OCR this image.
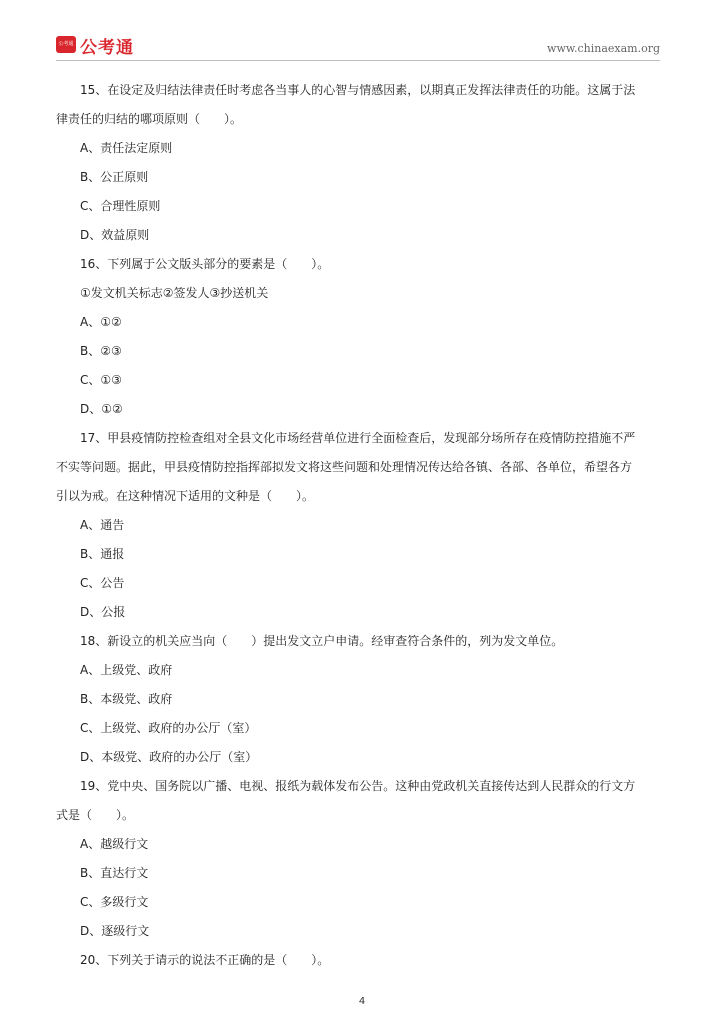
公考通 公考通	www.chinaexam.org
15、在设定及归结法律责任时考虑各当事人的心智与情感因素，以期真正发挥法律责任的功能。这属于法
律责任的归结的哪项原则（　　）。
A、责任法定原则
B、公正原则
C、合理性原则
D、效益原则
16、下列属于公文版头部分的要素是（　　）。
①发文机关标志②签发人③抄送机关
A、①②
B、②③
C、①③
D、①②
17、甲县疫情防控检查组对全县文化市场经营单位进行全面检查后，发现部分场所存在疫情防控措施不严
不实等问题。据此，甲县疫情防控指挥部拟发文将这些问题和处理情况传达给各镇、各部、各单位，希望各方
引以为戒。在这种情况下适用的文种是（　　）。
A、通告
B、通报
C、公告
D、公报
18、新设立的机关应当向（　　）提出发文立户申请。经审查符合条件的，列为发文单位。
A、上级党、政府
B、本级党、政府
C、上级党、政府的办公厅（室）
D、本级党、政府的办公厅（室）
19、党中央、国务院以广播、电视、报纸为载体发布公告。这种由党政机关直接传达到人民群众的行文方
式是（　　）。
A、越级行文
B、直达行文
C、多级行文
D、逐级行文
20、下列关于请示的说法不正确的是（　　）。
4
